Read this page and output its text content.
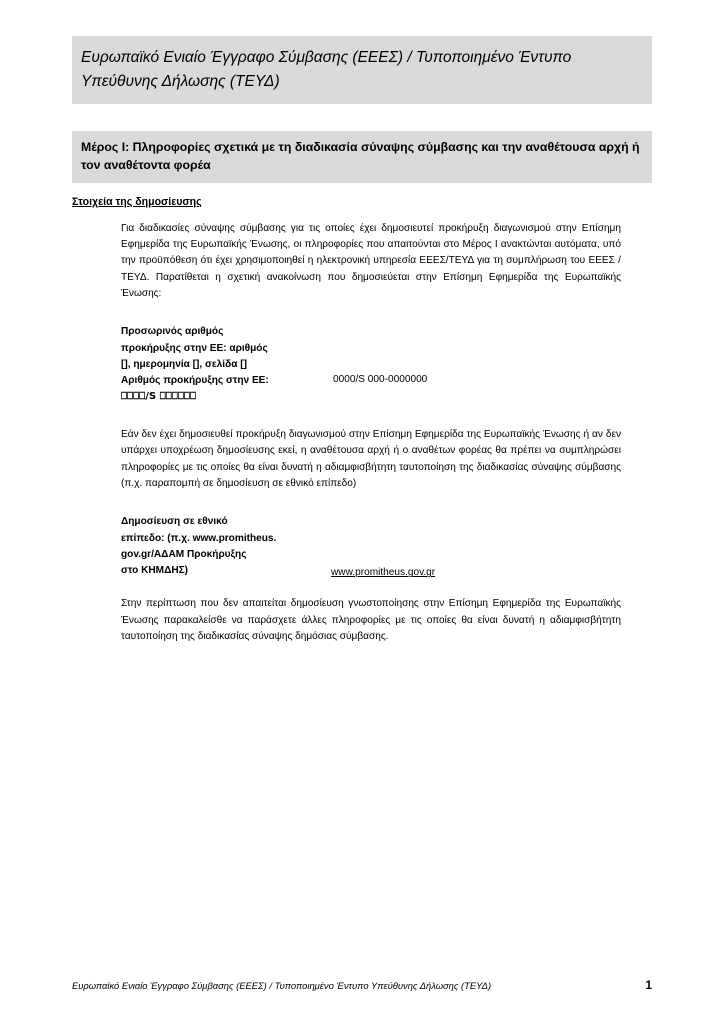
Ευρωπαϊκό Ενιαίο Έγγραφο Σύμβασης (ΕΕΕΣ) / Τυποποιημένο Έντυπο Υπεύθυνης Δήλωσης (ΤΕΥΔ)
Μέρος Ι: Πληροφορίες σχετικά με τη διαδικασία σύναψης σύμβασης και την αναθέτουσα αρχή ή τον αναθέτοντα φορέα
Στοιχεία της δημοσίευσης

Για διαδικασίες σύναψης σύμβασης για τις οποίες έχει δημοσιευτεί προκήρυξη διαγωνισμού στην Επίσημη Εφημερίδα της Ευρωπαϊκής Ένωσης, οι πληροφορίες που απαιτούνται στο Μέρος Ι ανακτώνται αυτόματα, υπό την προϋπόθεση ότι έχει χρησιμοποιηθεί η ηλεκτρονική υπηρεσία ΕΕΕΣ/ΤΕΥΔ για τη συμπλήρωση του ΕΕΕΣ /ΤΕΥΔ. Παρατίθεται η σχετική ανακοίνωση που δημοσιεύεται στην Επίσημη Εφημερίδα της Ευρωπαϊκής Ένωσης:

Προσωρινός αριθμός
προκήρυξης στην ΕΕ: αριθμός
[], ημερομηνία [], σελίδα []
Αριθμός προκήρυξης στην ΕΕ:
⎕⎕⎕⎕/S ⎕⎕⎕⎕⎕⎕
0000/S 000-0000000

Εάν δεν έχει δημοσιευθεί προκήρυξη διαγωνισμού στην Επίσημη Εφημερίδα της Ευρωπαϊκής Ένωσης ή αν δεν υπάρχει υποχρέωση δημοσίευσης εκεί, η αναθέτουσα αρχή ή ο αναθέτων φορέας θα πρέπει να συμπληρώσει πληροφορίες με τις οποίες θα είναι δυνατή η αδιαμφισβήτητη ταυτοποίηση της διαδικασίας σύναψης σύμβασης (π.χ. παραπομπή σε δημοσίευση σε εθνικό επίπεδο)

Δημοσίευση σε εθνικό
επίπεδο: (π.χ. www.promitheus.
gov.gr/ΑΔΑΜ Προκήρυξης
στο ΚΗΜΔΗΣ)	www.promitheus.gov.gr

Στην περίπτωση που δεν απαιτείται δημοσίευση γνωστοποίησης στην Επίσημη Εφημερίδα της Ευρωπαϊκής Ένωσης παρακαλείσθε να παράσχετε άλλες πληροφορίες με τις οποίες θα είναι δυνατή η αδιαμφισβήτητη ταυτοποίηση της διαδικασίας σύναψης δημόσιας σύμβασης.

Ευρωπαϊκό Ενιαίο Έγγραφο Σύμβασης (ΕΕΕΣ) / Τυποποιημένο Έντυπο Υπεύθυνης Δήλωσης (ΤΕΥΔ)	1
